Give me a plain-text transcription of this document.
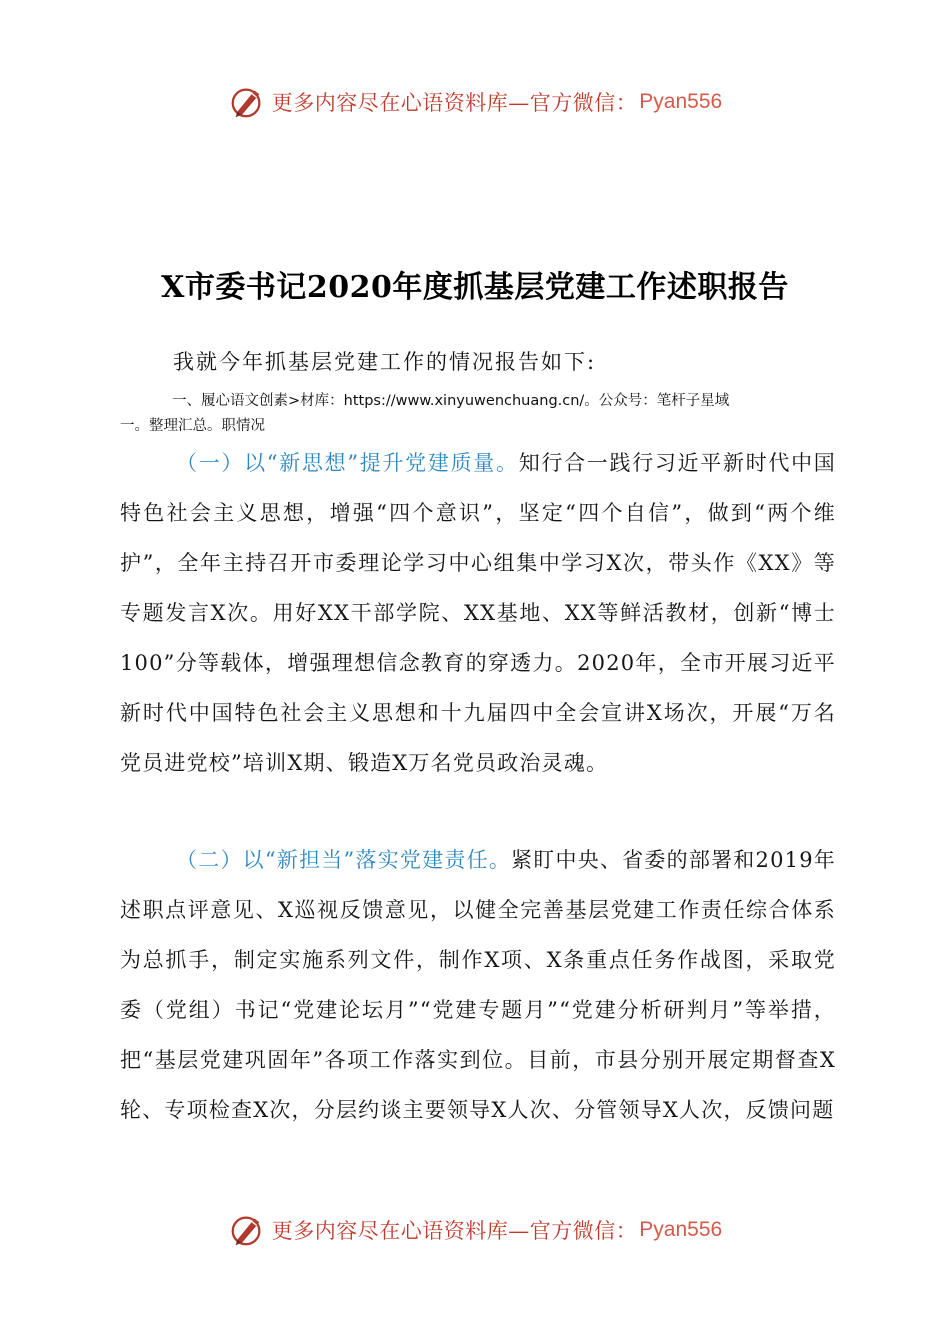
更多内容尽在心语资料库—官方微信： Pyan556
X市委书记2020年度抓基层党建工作述职报告
我就今年抓基层党建工作的情况报告如下:
一、履心语文创素>材库：https://www.xinyuwenchuang.cn/。公众号：笔杆子星域
一。整理汇总。职情况

（一）以“新思想”提升党建质量。知行合一践行习近平新时代中国特色社会主义思想，增强“四个意识”，坚定“四个自信”，做到“两个维护”，全年主持召开市委理论学习中心组集中学习X次，带头作《XX》等专题发言X次。用好XX干部学院、XX基地、XX等鲜活教材，创新“博士100”分等载体，增强理想信念教育的穿透力。2020年，全市开展习近平新时代中国特色社会主义思想和十九届四中全会宣讲X场次，开展“万名党员进党校”培训X期、锻造X万名党员政治灵魂。

（二）以“新担当”落实党建责任。紧盯中央、省委的部署和2019年述职点评意见、X巡视反馈意见，以健全完善基层党建工作责任综合体系为总抓手，制定实施系列文件，制作X项、X条重点任务作战图，采取党委（党组）书记“党建论坛月”“党建专题月”“党建分析研判月”等举措，把“基层党建巩固年”各项工作落实到位。目前，市县分别开展定期督查X轮、专项检查X次，分层约谈主要领导X人次、分管领导X人次，反馈问题

更多内容尽在心语资料库—官方微信： Pyan556
